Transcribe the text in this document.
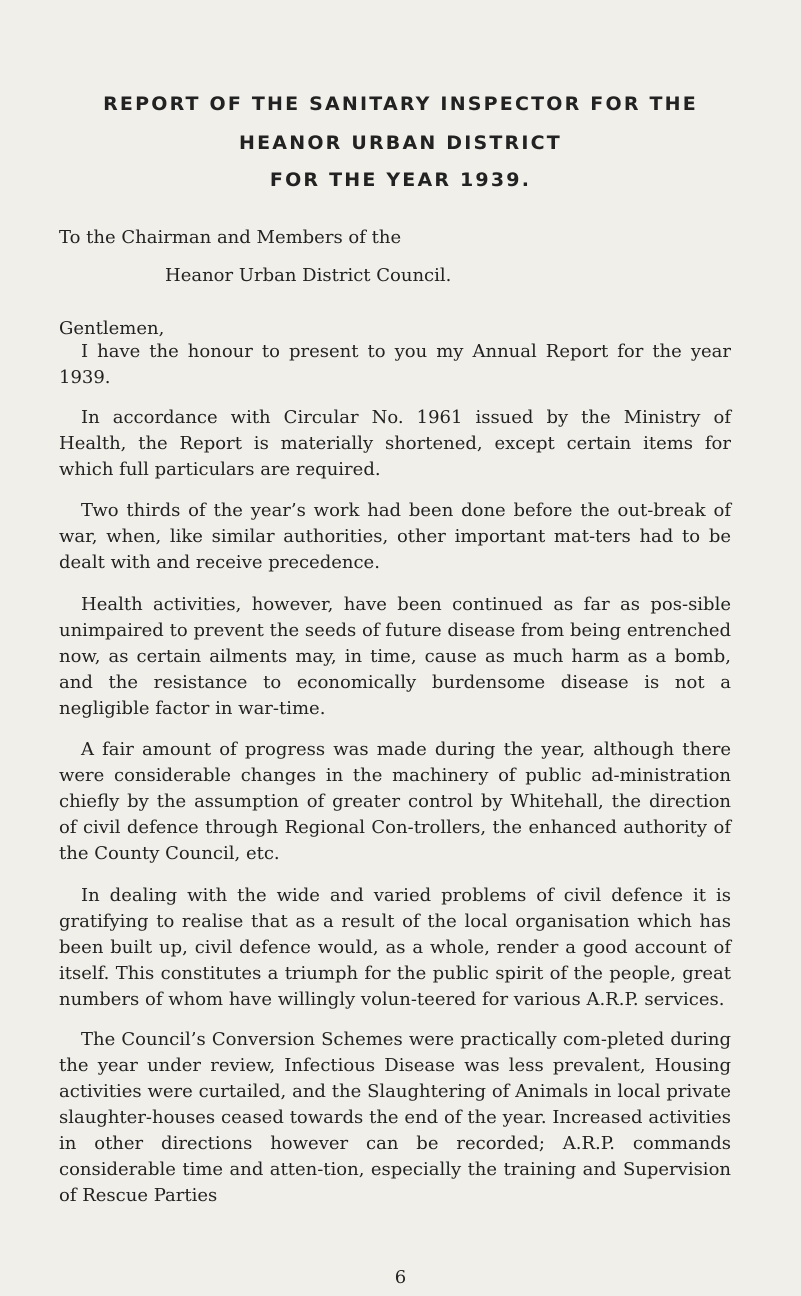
REPORT OF THE SANITARY INSPECTOR FOR THE
HEANOR URBAN DISTRICT
FOR THE YEAR 1939.
To the Chairman and Members of the
Heanor Urban District Council.
Gentlemen,
I have the honour to present to you my Annual Report for the year 1939.
In accordance with Circular No. 1961 issued by the Ministry of Health, the Report is materially shortened, except certain items for which full particulars are required.
Two thirds of the year’s work had been done before the out-break of war, when, like similar authorities, other important mat-ters had to be dealt with and receive precedence.
Health activities, however, have been continued as far as pos-sible unimpaired to prevent the seeds of future disease from being entrenched now, as certain ailments may, in time, cause as much harm as a bomb, and the resistance to economically burdensome disease is not a negligible factor in war-time.
A fair amount of progress was made during the year, although there were considerable changes in the machinery of public ad-ministration chiefly by the assumption of greater control by Whitehall, the direction of civil defence through Regional Con-trollers, the enhanced authority of the County Council, etc.
In dealing with the wide and varied problems of civil defence it is gratifying to realise that as a result of the local organisation which has been built up, civil defence would, as a whole, render a good account of itself. This constitutes a triumph for the public spirit of the people, great numbers of whom have willingly volun-teered for various A.R.P. services.
The Council’s Conversion Schemes were practically com-pleted during the year under review, Infectious Disease was less prevalent, Housing activities were curtailed, and the Slaughtering of Animals in local private slaughter-houses ceased towards the end of the year. Increased activities in other directions however can be recorded; A.R.P. commands considerable time and atten-tion, especially the training and Supervision of Rescue Parties
6
